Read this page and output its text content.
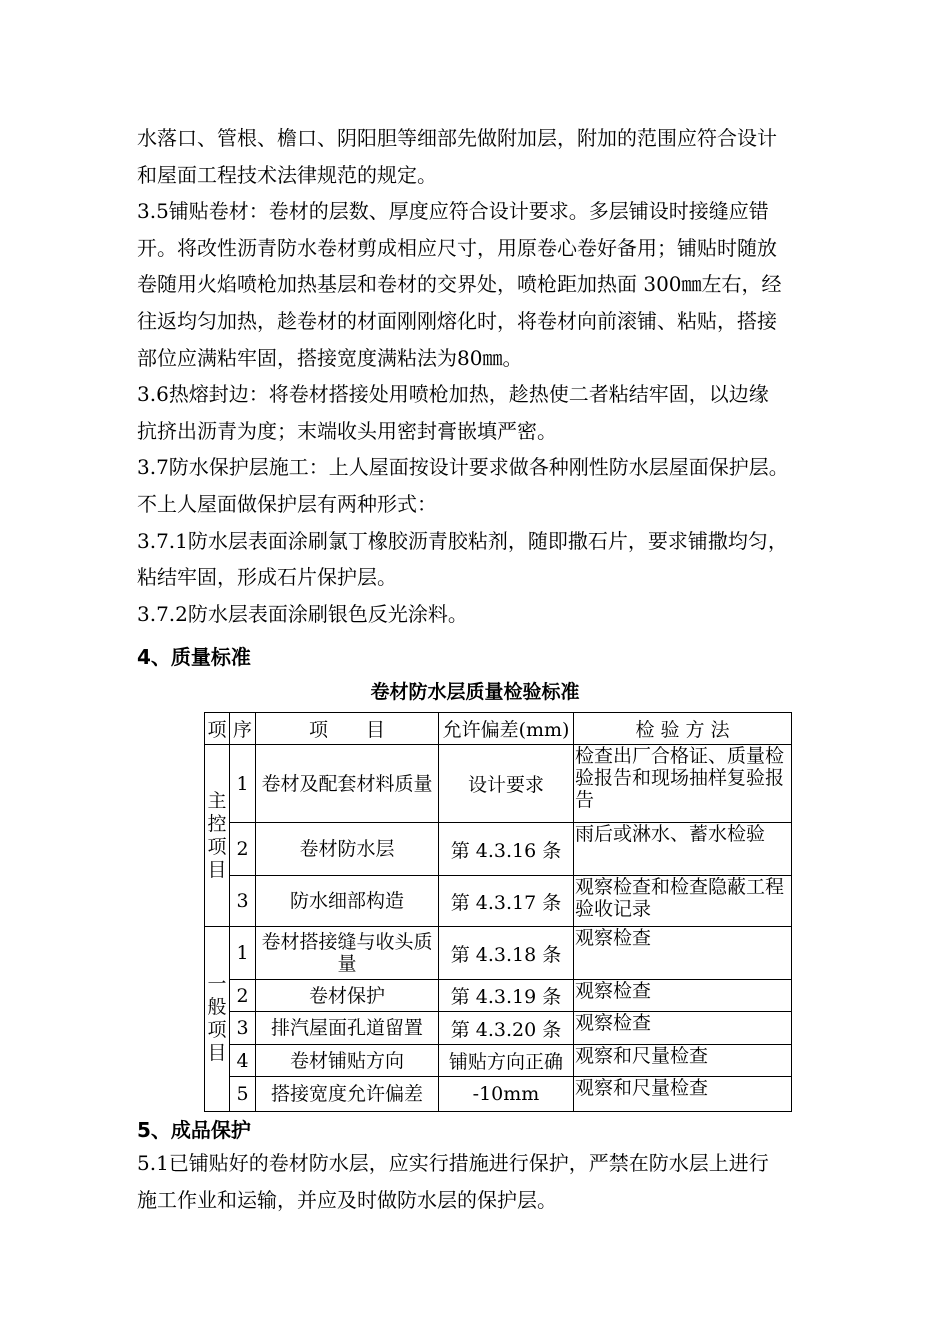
水落口、管根、檐口、阴阳胆等细部先做附加层，附加的范围应符合设计
和屋面工程技术法律规范的规定。
3.5铺贴卷材：卷材的层数、厚度应符合设计要求。多层铺设时接缝应错
开。将改性沥青防水卷材剪成相应尺寸，用原卷心卷好备用；铺贴时随放
卷随用火焰喷枪加热基层和卷材的交界处，喷枪距加热面 300㎜左右，经
往返均匀加热，趁卷材的材面刚刚熔化时，将卷材向前滚铺、粘贴，搭接
部位应满粘牢固，搭接宽度满粘法为80㎜。
3.6热熔封边：将卷材搭接处用喷枪加热，趁热使二者粘结牢固，以边缘
抗挤出沥青为度；末端收头用密封膏嵌填严密。
3.7防水保护层施工：上人屋面按设计要求做各种刚性防水层屋面保护层。
不上人屋面做保护层有两种形式：
3.7.1防水层表面涂刷氯丁橡胶沥青胶粘剂，随即撒石片，要求铺撒均匀，
粘结牢固，形成石片保护层。
3.7.2防水层表面涂刷银色反光涂料。
4、质量标准
卷材防水层质量检验标准
项	序	项　　目	允许偏差(mm)	检 验 方 法

主
控
项
目	1	卷材及配套材料质量	设计要求	检查出厂合格证、质量检验报告和现场抽样复验报告
	2	卷材防水层	第 4.3.16 条	雨后或淋水、蓄水检验
	3	防水细部构造	第 4.3.17 条	观察检查和检查隐蔽工程验收记录

一
般
项
目	1	卷材搭接缝与收头质量	第 4.3.18 条	观察检查
	2	卷材保护	第 4.3.19 条	观察检查
	3	排汽屋面孔道留置	第 4.3.20 条	观察检查
	4	卷材铺贴方向	铺贴方向正确	观察和尺量检查
	5	搭接宽度允许偏差	-10mm	观察和尺量检查
5、成品保护
5.1已铺贴好的卷材防水层，应实行措施进行保护，严禁在防水层上进行
施工作业和运输，并应及时做防水层的保护层。
